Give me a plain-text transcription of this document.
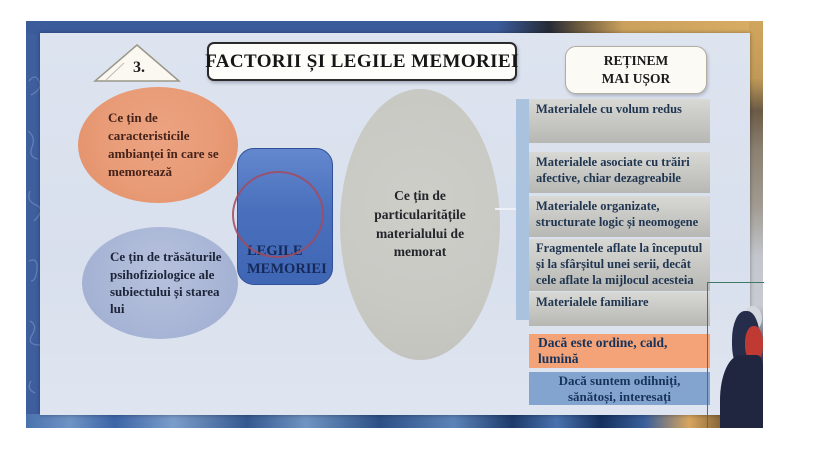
3.	FACTORII ȘI LEGILE MEMORIEI	REȚINEM
MAI UȘOR
Ce țin de caracteristicile ambianței în care se memorează
Ce țin de trăsăturile psihofiziologice ale subiectului și starea lui
LEGILE MEMORIEI
Ce țin de particularitățile materialului de memorat
Materialele cu volum redus
Materialele asociate cu trăiri afective, chiar dezagreabile
Materialele organizate, structurate logic și neomogene
Fragmentele aflate la începutul și la sfârșitul unei serii, decât cele aflate la mijlocul acesteia
Materialele familiare
Dacă este ordine, cald, lumină
Dacă suntem odihniți, sănătoși, interesați
